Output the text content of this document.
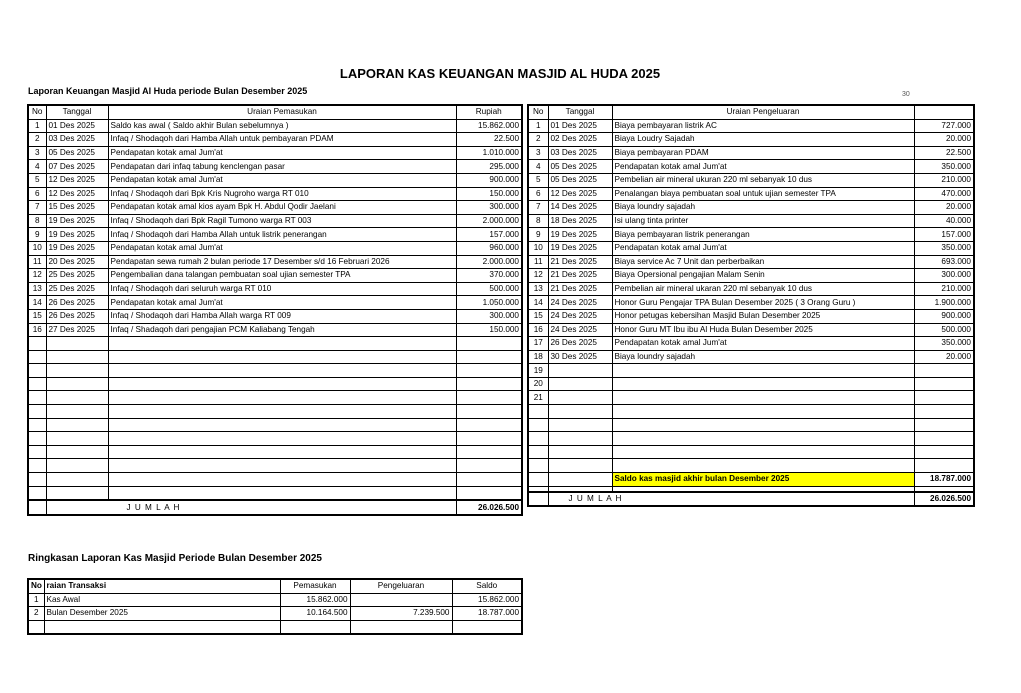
LAPORAN KAS KEUANGAN MASJID AL HUDA 2025
Laporan Keuangan Masjid Al Huda periode Bulan Desember 2025	30
No	Tanggal	Uraian Pemasukan	Rupiah
1	01 Des 2025	Saldo kas awal ( Saldo akhir Bulan sebelumnya )	15.862.000
2	03 Des 2025	Infaq / Shodaqoh dari Hamba Allah untuk pembayaran PDAM	22.500
3	05 Des 2025	Pendapatan kotak amal Jum'at	1.010.000
4	07 Des 2025	Pendapatan dari infaq tabung kenclengan pasar	295.000
5	12 Des 2025	Pendapatan kotak amal Jum'at	900.000
6	12 Des 2025	Infaq / Shodaqoh dari Bpk Kris Nugroho warga RT 010	150.000
7	15 Des 2025	Pendapatan kotak amal kios ayam Bpk H. Abdul Qodir Jaelani	300.000
8	19 Des 2025	Infaq / Shodaqoh dari Bpk Ragil Tumono warga RT 003	2.000.000
9	19 Des 2025	Infaq / Shodaqoh dari Hamba Allah untuk listrik penerangan	157.000
10	19 Des 2025	Pendapatan kotak amal Jum'at	960.000
11	20 Des 2025	Pendapatan sewa rumah 2 bulan periode 17 Desember s/d 16 Februari 2026	2.000.000
12	25 Des 2025	Pengembalian dana talangan pembuatan soal ujian semester TPA	370.000
13	25 Des 2025	Infaq / Shodaqoh dari seluruh warga RT 010	500.000
14	26 Des 2025	Pendapatan kotak amal Jum'at	1.050.000
15	26 Des 2025	Infaq / Shodaqoh dari Hamba Allah warga RT 009	300.000
16	27 Des 2025	Infaq / Shadaqoh dari pengajian PCM Kaliabang Tengah	150.000

	J U M L A H		26.026.500
No	Tanggal	Uraian Pengeluaran	
1	01 Des 2025	Biaya pembayaran listrik AC	727.000
2	02 Des 2025	Biaya Loudry Sajadah	20.000
3	03 Des 2025	Biaya pembayaran PDAM	22.500
4	05 Des 2025	Pendapatan kotak amal Jum'at	350.000
5	05 Des 2025	Pembelian air mineral ukuran 220 ml sebanyak 10 dus	210.000
6	12 Des 2025	Penalangan biaya pembuatan soal untuk ujian semester TPA	470.000
7	14 Des 2025	Biaya loundry sajadah	20.000
8	18 Des 2025	Isi ulang tinta printer	40.000
9	19 Des 2025	Biaya pembayaran listrik penerangan	157.000
10	19 Des 2025	Pendapatan kotak amal Jum'at	350.000
11	21 Des 2025	Biaya service Ac 7 Unit dan perberbaikan	693.000
12	21 Des 2025	Biaya Opersional pengajian Malam Senin	300.000
13	21 Des 2025	Pembelian air mineral ukaran 220 ml sebanyak 10 dus	210.000
14	24 Des 2025	Honor Guru Pengajar TPA Bulan Desember 2025 ( 3 Orang Guru )	1.900.000
15	24 Des 2025	Honor petugas kebersihan Masjid Bulan Desember 2025	900.000
16	24 Des 2025	Honor Guru MT Ibu ibu Al Huda Bulan Desember 2025	500.000
17	26 Des 2025	Pendapatan kotak amal Jum'at	350.000
18	30 Des 2025	Biaya loundry sajadah	20.000
19			
20			
21			

		Saldo kas masjid akhir bulan Desember 2025	18.787.000

	J U M L A H		26.026.500
Ringkasan Laporan Kas Masjid Periode Bulan Desember 2025
No	raian Transaksi	Pemasukan	Pengeluaran	Saldo
1	Kas Awal	15.862.000		15.862.000
2	Bulan Desember 2025	10.164.500	7.239.500	18.787.000
